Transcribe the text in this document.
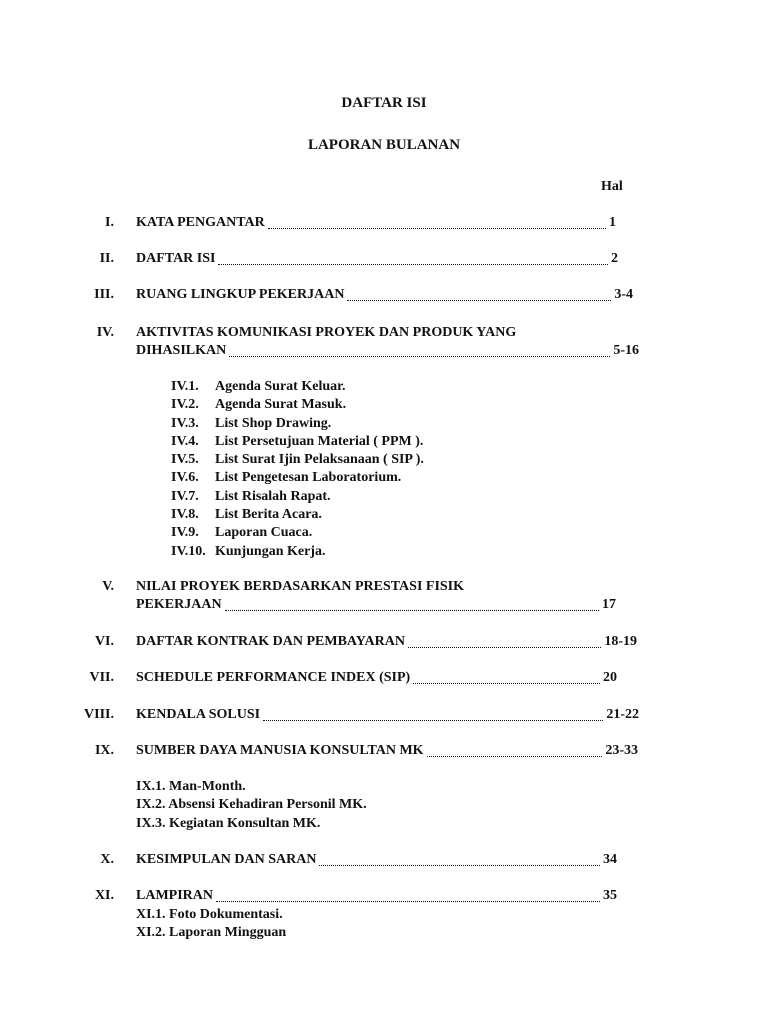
DAFTAR ISI
LAPORAN BULANAN
Hal
I. KATA PENGANTAR	1
II. DAFTAR ISI	2
III. RUANG LINGKUP PEKERJAAN	3-4
IV. AKTIVITAS KOMUNIKASI PROYEK DAN PRODUK YANG
DIHASILKAN	5-16
IV.1. Agenda Surat Keluar.
IV.2. Agenda Surat Masuk.
IV.3. List Shop Drawing.
IV.4. List Persetujuan Material ( PPM ).
IV.5. List Surat Ijin Pelaksanaan ( SIP ).
IV.6. List Pengetesan Laboratorium.
IV.7. List Risalah Rapat.
IV.8. List Berita Acara.
IV.9. Laporan Cuaca.
IV.10. Kunjungan Kerja.
V. NILAI PROYEK BERDASARKAN PRESTASI FISIK
PEKERJAAN	17
VI. DAFTAR KONTRAK DAN PEMBAYARAN	18-19
VII. SCHEDULE PERFORMANCE INDEX (SIP)	20
VIII. KENDALA SOLUSI	21-22
IX. SUMBER DAYA MANUSIA KONSULTAN MK	23-33
IX.1. Man-Month.
IX.2. Absensi Kehadiran Personil MK.
IX.3. Kegiatan Konsultan MK.
X. KESIMPULAN DAN SARAN	34
XI. LAMPIRAN	35
XI.1. Foto Dokumentasi.
XI.2. Laporan Mingguan
